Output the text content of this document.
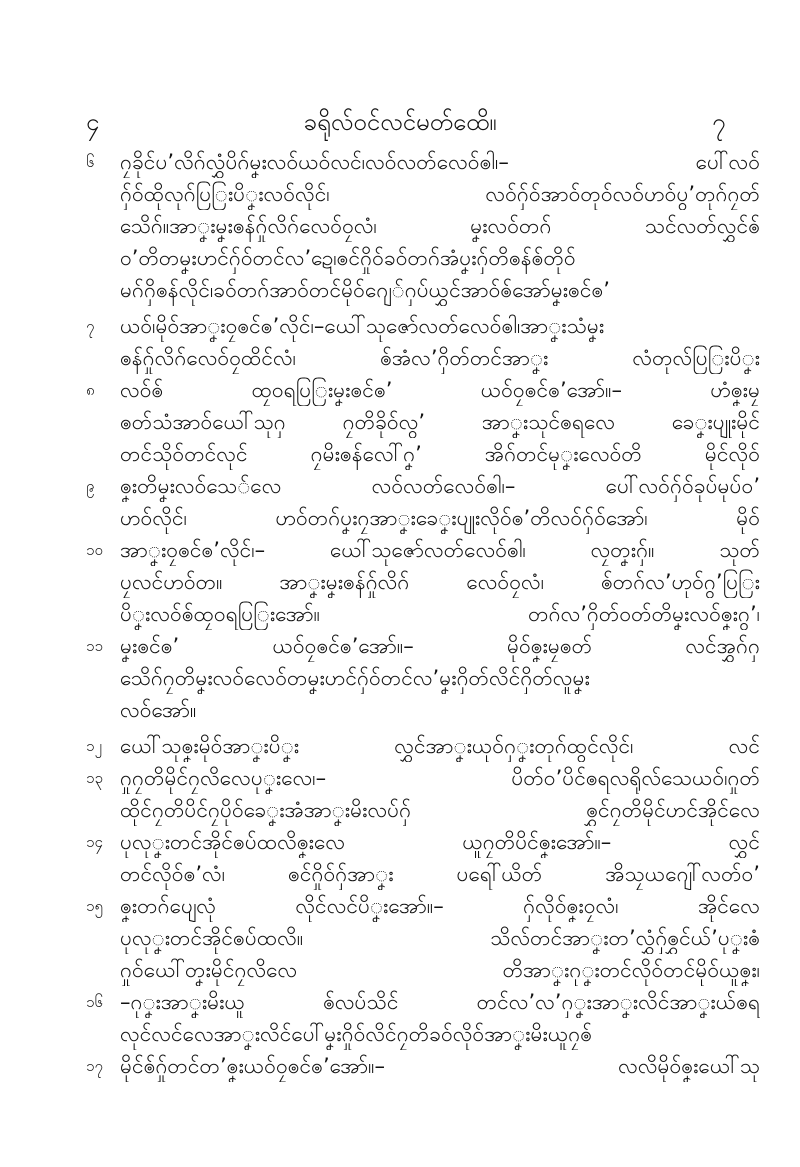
၄	ခရိုလ်ဝင်လင်မတ်ထေိ။	၇
၆	ဂၠခိုင်ပ’လိဂ်လွှံပိဂ်မၞးလဝ်ယဝ်လင်၊လဝ်လတ်လေဝ်ၜါ၊– ပေါ်လဝ်
ဂှ်ဝ်ထိုလုဂ်ပြြးပိၞးလဝ်လိုင်၊ လဝ်ဂှ်ဝ်အာဝ်တုဝ်လဝ်ဟဝ်ပွ’တုဂ်ဂၠတ်
သေိဂ်။အာၞးမၞးၜန်ဂှ်ုလိဂ်လေဝ်ဝၠလံ၊ မၞးလဝ်တဂ် သင်လတ်လွှင်ၜ်
ဝ’တိတမၞးဟင်ဂှ်ဝ်တင်လ’ဍေ၊ၜင်ဂှိုဝ်ခဝ်တဂ်အံပၞးဂှ်တိၜန်ၜ်တိုဝ်
မဂ်ဂှိၜန်လိုင်၊ခဝ်တဂ်အာဝ်တင်မိုဝ်ဂျေ်ဂှပ်ယွှင်အာဝ်ၜ်အော်မၞးၜင်ၜ’
၇	ယဝ်၊မိုဝ်အာၞးဝၠၜင်ၜ’လိုင်၊–ယေါ်သုဇော်လတ်လေဝ်ၜါ၊အာၞးသံမၞး
ၜန်ဂှ်ုလိဂ်လေဝ်ဝၠထိင်လံ၊ ၜ်အံလ’ဂှိတ်တင်အာၞး လံတုလ်ပြြးပိၞး
၈	လဝ်ၜ် ထၠဝရပြြးမၞးၜင်ၜ’ ယဝ်ဝၠၜင်ၜ’အော်။– ဟံၜၞးမၠ
ၜတ်သံအာဝ်ယေါ်သုဂှ ဂၠတိခိုဝ်လွ’ အာၞးသုင်ၜရလေ ခေၞးပျုးမိုင်
တင်သိုဝ်တင်လုင် ဂၠမိးၜန်လေါ်ဂၞ’ အိဂ်တင်မုၞးလေဝ်တိ မိုင်လိုဝ်
၉	ၜၞးတိမၞးလဝ်သေ်လေ လဝ်လတ်လေဝ်ၜါ၊– ပေါ်လဝ်ဂှ်ဝ်ခုပ်မုပ်ဝ’
ဟဝ်လိုင်၊ ဟဝ်တဂ်ပၞးဂၠအာၞးခေၞးပျုးလိုဝ်ၜ’တိလဝ်ဂှ်ဝ်အော်၊ မိုဝ်
၁၀ အာၞးဝၠၜင်ၜ’လိုင်၊– ယေါ်သုဇော်လတ်လေဝ်ၜါ၊ လၠတၞးဂှ်။ သုတ်
ပၠလင်ဟဝ်တ။ အာၞးမၞးၜန်ဂှ်ုလိဂ် လေဝ်ဝၠလံ၊ ၜ်တဂ်လ’ဟုဝ်ဂွ’ပြြး
ပိၞးလဝ်ၜ်ထၠဝရပြြးအော်။ တဂ်လ’ဂှိတ်ဝတ်တိမၞးလဝ်ၜၞးဂွ’၊
၁၁ မၞးၜင်ၜ’ ယဝ်ဝၠၜင်ၜ’အော်။– မိုဝ်ၜၞးမၠၜတ် လင်အွှဂ်ဂှ
သေိဂ်ဂၠတိမၞးလဝ်လေဝ်တမၞးဟင်ဂှ်ဝ်တင်လ’မၞးဂှိတ်လိင်ဂှိတ်လူမၞး
လဝ်အော်။
၁၂ ယေါ်သုၜၞးမိုဝ်အာၞးပိၞး လွှင်အာၞးယုဝ်ဂှၞးတုဂ်ထွင်လိုင်၊ လင်
၁၃ ဂှုဂၠတိမိုင်ဂၠလိလေပုၞးလေ၊– ပိတ်ဝ’ပိင်ၜရလရိုလ်သေယဝ်၊ဂှုတ်
ထိုင်ဂၠတိပိင်ဂၠပိုဝ်ခေၞးအံအာၞးမိးလပ်ဂှ် ၜွှင်ဂၠတိမိုင်ဟင်အိုင်လေ
၁၄ ပုလုၞးတင်အိုင်ၜပ်ထလိၜၞးလေ ယူဂၠတိပိင်ၜၞးအော်။– လွှင်
တင်လိုဝ်ၜ’လံ၊ ၜင်ဂှိုဝ်ဂှ်အာၞး ပရေါ်ယိတ် အိသၠယဂျေါ်လတ်ဝ’
၁၅ ၜၞးတဂ်ပျေလုံ လိုင်လင်ပိၞးအော်။– ဂှ်လိုဝ်ၜၞးဝၠလံ၊ အိုင်လေ
ပုလုၞးတင်အိုင်ၜပ်ထလိ။ သိလ်တင်အာၞးတ’လွှံဂှ်ၜွှင်ယ်’ပုၞးၜံ
ဂှုဝ်ယေါ်တၞးမိုင်ဂၠလိလေ တိအာၞးဂုၞးတင်လိုဝ်တင်မိုဝ်ယူၜၞး၊
၁၆ –ဂုၞးအာၞးမိးယူ ၜ်လပ်သိင် တင်လ’လ’ဂှၞးအာၞးလိင်အာၞးယ်ၜရ
လုင်လင်လေအာၞးလိင်ပေါ်မၞးဂှိုဝ်လိင်ဂၠတိခဝ်လိုဝ်အာၞးမိးယူဂၠၜ်
၁၇ မိုင်ၜ်ဂှ်ုတင်တ’ၜၞးယဝ်ဝၠၜင်ၜ’အော်။– လလိမိုဝ်ၜၞးယေါ်သု
